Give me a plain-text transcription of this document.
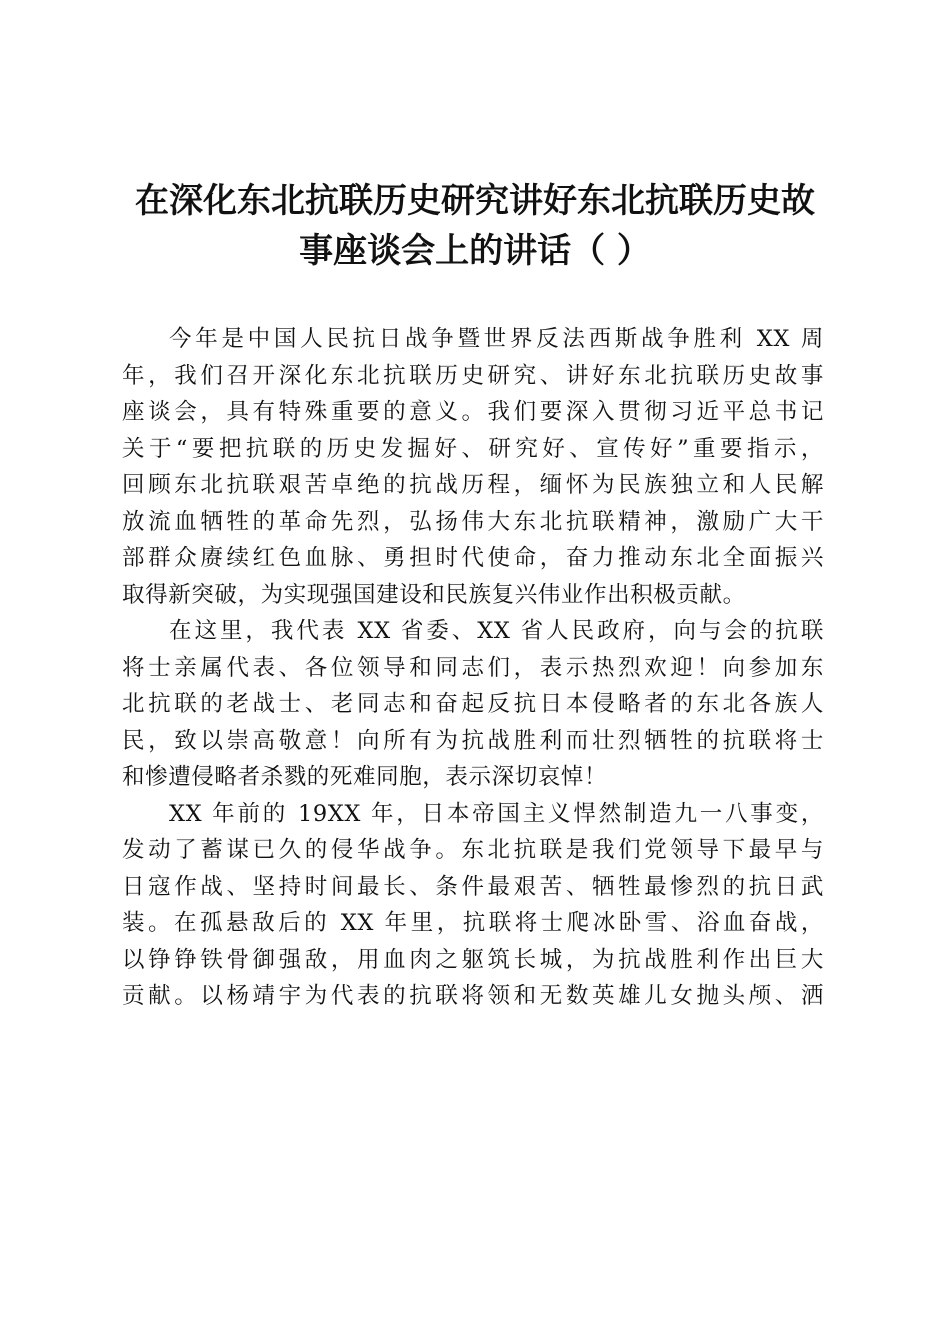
在深化东北抗联历史研究讲好东北抗联历史故
事座谈会上的讲话（ ）

今年是中国人民抗日战争暨世界反法西斯战争胜利 XX 周
年，我们召开深化东北抗联历史研究、讲好东北抗联历史故事
座谈会，具有特殊重要的意义。我们要深入贯彻习近平总书记
关于“要把抗联的历史发掘好、研究好、宣传好”重要指示，
回顾东北抗联艰苦卓绝的抗战历程，缅怀为民族独立和人民解
放流血牺牲的革命先烈，弘扬伟大东北抗联精神，激励广大干
部群众赓续红色血脉、勇担时代使命，奋力推动东北全面振兴
取得新突破，为实现强国建设和民族复兴伟业作出积极贡献。

在这里，我代表 XX 省委、XX 省人民政府，向与会的抗联
将士亲属代表、各位领导和同志们，表示热烈欢迎！向参加东
北抗联的老战士、老同志和奋起反抗日本侵略者的东北各族人
民，致以崇高敬意！向所有为抗战胜利而壮烈牺牲的抗联将士
和惨遭侵略者杀戮的死难同胞，表示深切哀悼！

XX 年前的 19XX 年，日本帝国主义悍然制造九一八事变，
发动了蓄谋已久的侵华战争。东北抗联是我们党领导下最早与
日寇作战、坚持时间最长、条件最艰苦、牺牲最惨烈的抗日武
装。在孤悬敌后的 XX 年里，抗联将士爬冰卧雪、浴血奋战，
以铮铮铁骨御强敌，用血肉之躯筑长城，为抗战胜利作出巨大
贡献。以杨靖宇为代表的抗联将领和无数英雄儿女抛头颅、洒
